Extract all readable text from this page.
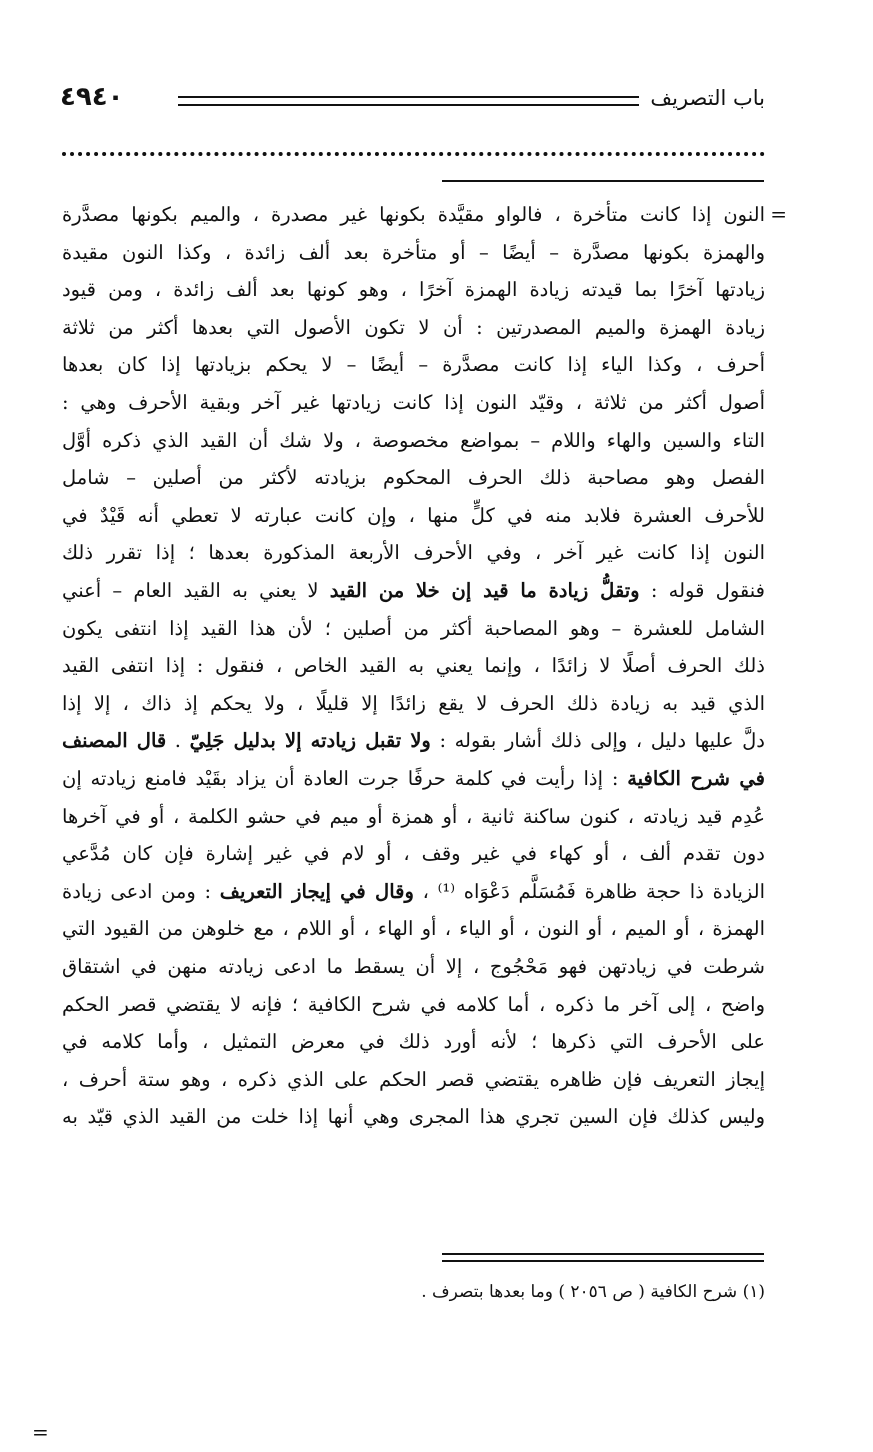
٤٩٤٠	باب التصريف
=
=
النون إذا كانت متأخرة ، فالواو مقيَّدة بكونها غير مصدرة ، والميم بكونها مصدَّرة
والهمزة بكونها مصدَّرة – أيضًا – أو متأخرة بعد ألف زائدة ، وكذا النون مقيدة
زيادتها آخرًا بما قيدته زيادة الهمزة آخرًا ، وهو كونها بعد ألف زائدة ، ومن قيود
زيادة الهمزة والميم المصدرتين : أن لا تكون الأصول التي بعدها أكثر من ثلاثة
أحرف ، وكذا الياء إذا كانت مصدَّرة – أيضًا – لا يحكم بزيادتها إذا كان بعدها
أصول أكثر من ثلاثة ، وقيّد النون إذا كانت زيادتها غير آخر وبقية الأحرف وهي :
التاء والسين والهاء واللام – بمواضع مخصوصة ، ولا شك أن القيد الذي ذكره أوَّل
الفصل وهو مصاحبة ذلك الحرف المحكوم بزيادته لأكثر من أصلين – شامل
للأحرف العشرة فلابد منه في كلٍّ منها ، وإن كانت عبارته لا تعطي أنه قَيْدٌ في
النون إذا كانت غير آخر ، وفي الأحرف الأربعة المذكورة بعدها ؛ إذا تقرر ذلك
فنقول قوله : وتقلُّ زيادة ما قيد إن خلا من القيد لا يعني به القيد العام – أعني
الشامل للعشرة – وهو المصاحبة أكثر من أصلين ؛ لأن هذا القيد إذا انتفى يكون
ذلك الحرف أصلًا لا زائدًا ، وإنما يعني به القيد الخاص ، فنقول : إذا انتفى القيد
الذي قيد به زيادة ذلك الحرف لا يقع زائدًا إلا قليلًا ، ولا يحكم إذ ذاك ، إلا إذا
دلَّ عليها دليل ، وإلى ذلك أشار بقوله : ولا تقبل زيادته إلا بدليل جَلِيّ . قال المصنف
في شرح الكافية : إذا رأيت في كلمة حرفًا جرت العادة أن يزاد بقَيْد فامنع زيادته إن
عُدِم قيد زيادته ، كنون ساكنة ثانية ، أو همزة أو ميم في حشو الكلمة ، أو في آخرها
دون تقدم ألف ، أو كهاء في غير وقف ، أو لام في غير إشارة فإن كان مُدَّعي
الزيادة ذا حجة ظاهرة فَمُسَلَّم دَعْوَاه ⁽¹⁾ ، وقال في إيجاز التعريف : ومن ادعى زيادة
الهمزة ، أو الميم ، أو النون ، أو الياء ، أو الهاء ، أو اللام ، مع خلوهن من القيود التي
شرطت في زيادتهن فهو مَحْجُوج ، إلا أن يسقط ما ادعى زيادته منهن في اشتقاق
واضح ، إلى آخر ما ذكره ، أما كلامه في شرح الكافية ؛ فإنه لا يقتضي قصر الحكم
على الأحرف التي ذكرها ؛ لأنه أورد ذلك في معرض التمثيل ، وأما كلامه في
إيجاز التعريف فإن ظاهره يقتضي قصر الحكم على الذي ذكره ، وهو ستة أحرف ،
وليس كذلك فإن السين تجري هذا المجرى وهي أنها إذا خلت من القيد الذي قيّد به
(١) شرح الكافية ( ص ٢٠٥٦ ) وما بعدها بتصرف .
